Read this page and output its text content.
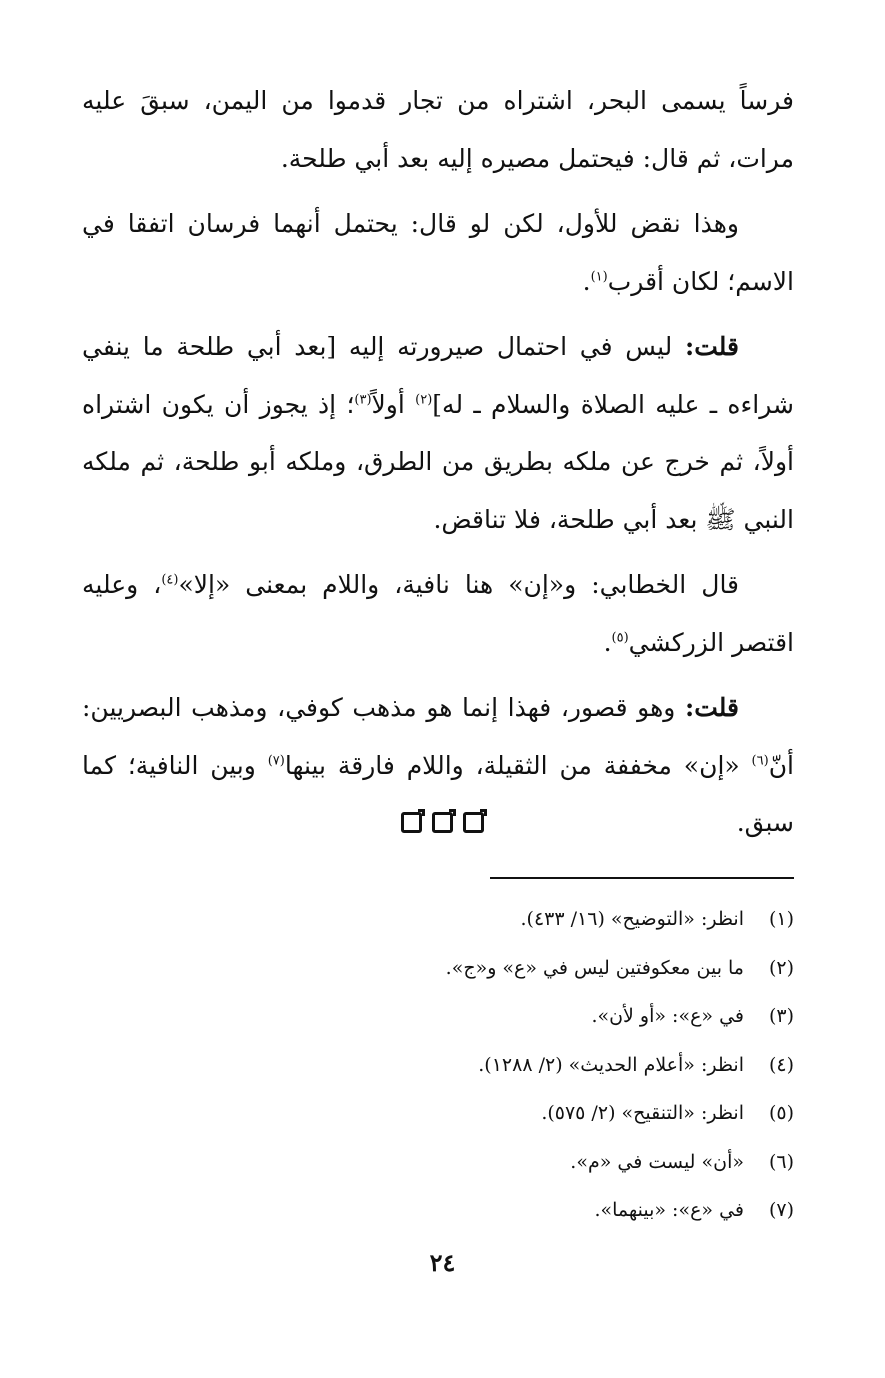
فرساً يسمى البحر، اشتراه من تجار قدموا من اليمن، سبقَ عليه مرات، ثم قال: فيحتمل مصيره إليه بعد أبي طلحة.

وهذا نقض للأول، لكن لو قال: يحتمل أنهما فرسان اتفقا في الاسم؛ لكان أقرب$^{(١)}$.

قلت: ليس في احتمال صيرورته إليه [بعد أبي طلحة ما ينفي شراءه ـ عليه الصلاة والسلام ـ له]$^{(٢)}$ أولاً$^{(٣)}$؛ إذ يجوز أن يكون اشتراه أولاً، ثم خرج عن ملكه بطريق من الطرق، وملكه أبو طلحة، ثم ملكه النبي ﷺ بعد أبي طلحة، فلا تناقض.

قال الخطابي: و«إن» هنا نافية، واللام بمعنى «إلا»$^{(٤)}$، وعليه اقتصر الزركشي$^{(٥)}$.

قلت: وهو قصور، فهذا إنما هو مذهب كوفي، ومذهب البصريين: أنّ$^{(٦)}$ «إن» مخففة من الثقيلة، واللام فارقة بينها$^{(٧)}$ وبين النافية؛ كما سبق.

(١)
انظر: «التوضيح» (١٦/ ٤٣٣).
(٢)
ما بين معكوفتين ليس في «ع» و«ج».
(٣)
في «ع»: «أو لأن».
(٤)
انظر: «أعلام الحديث» (٢/ ١٢٨٨).
(٥)
انظر: «التنقيح» (٢/ ٥٧٥).
(٦)
«أن» ليست في «م».
(٧)
في «ع»: «بينهما».
٢٤
